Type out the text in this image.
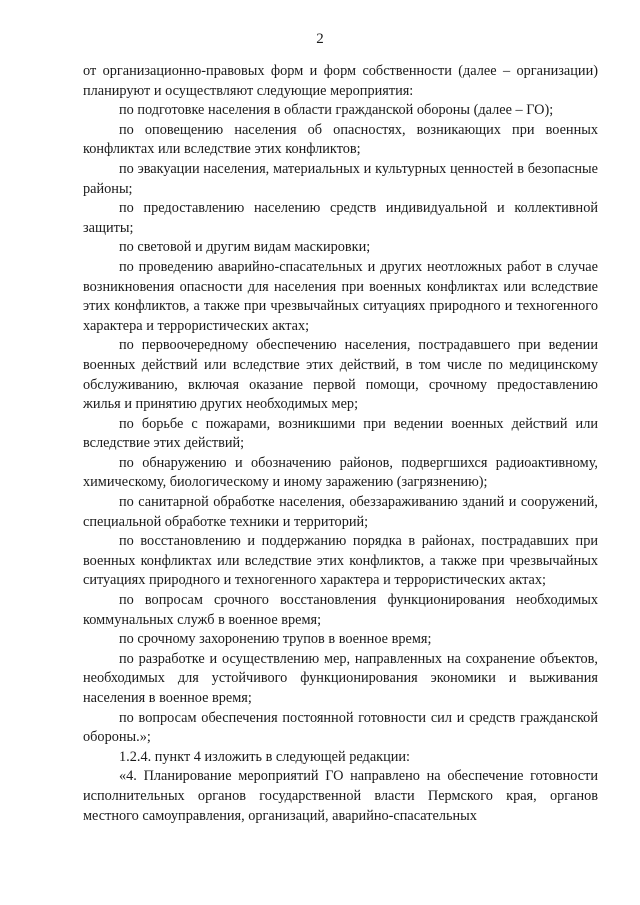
2

от организационно-правовых форм и форм собственности (далее – организации) планируют и осуществляют следующие мероприятия:

по подготовке населения в области гражданской обороны (далее – ГО);

по оповещению населения об опасностях, возникающих при военных конфликтах или вследствие этих конфликтов;

по эвакуации населения, материальных и культурных ценностей в безопасные районы;

по предоставлению населению средств индивидуальной и коллективной защиты;

по световой и другим видам маскировки;

по проведению аварийно-спасательных и других неотложных работ в случае возникновения опасности для населения при военных конфликтах или вследствие этих конфликтов, а также при чрезвычайных ситуациях природного и техногенного характера и террористических актах;

по первоочередному обеспечению населения, пострадавшего при ведении военных действий или вследствие этих действий, в том числе по медицинскому обслуживанию, включая оказание первой помощи, срочному предоставлению жилья и принятию других необходимых мер;

по борьбе с пожарами, возникшими при ведении военных действий или вследствие этих действий;

по обнаружению и обозначению районов, подвергшихся радиоактивному, химическому, биологическому и иному заражению (загрязнению);

по санитарной обработке населения, обеззараживанию зданий и сооружений, специальной обработке техники и территорий;

по восстановлению и поддержанию порядка в районах, пострадавших при военных конфликтах или вследствие этих конфликтов, а также при чрезвычайных ситуациях природного и техногенного характера и террористических актах;

по вопросам срочного восстановления функционирования необходимых коммунальных служб в военное время;

по срочному захоронению трупов в военное время;

по разработке и осуществлению мер, направленных на сохранение объектов, необходимых для устойчивого функционирования экономики и выживания населения в военное время;

по вопросам обеспечения постоянной готовности сил и средств гражданской обороны.»;

1.2.4. пункт 4 изложить в следующей редакции:

«4. Планирование мероприятий ГО направлено на обеспечение готовности исполнительных органов государственной власти Пермского края, органов местного самоуправления, организаций, аварийно-спасательных
